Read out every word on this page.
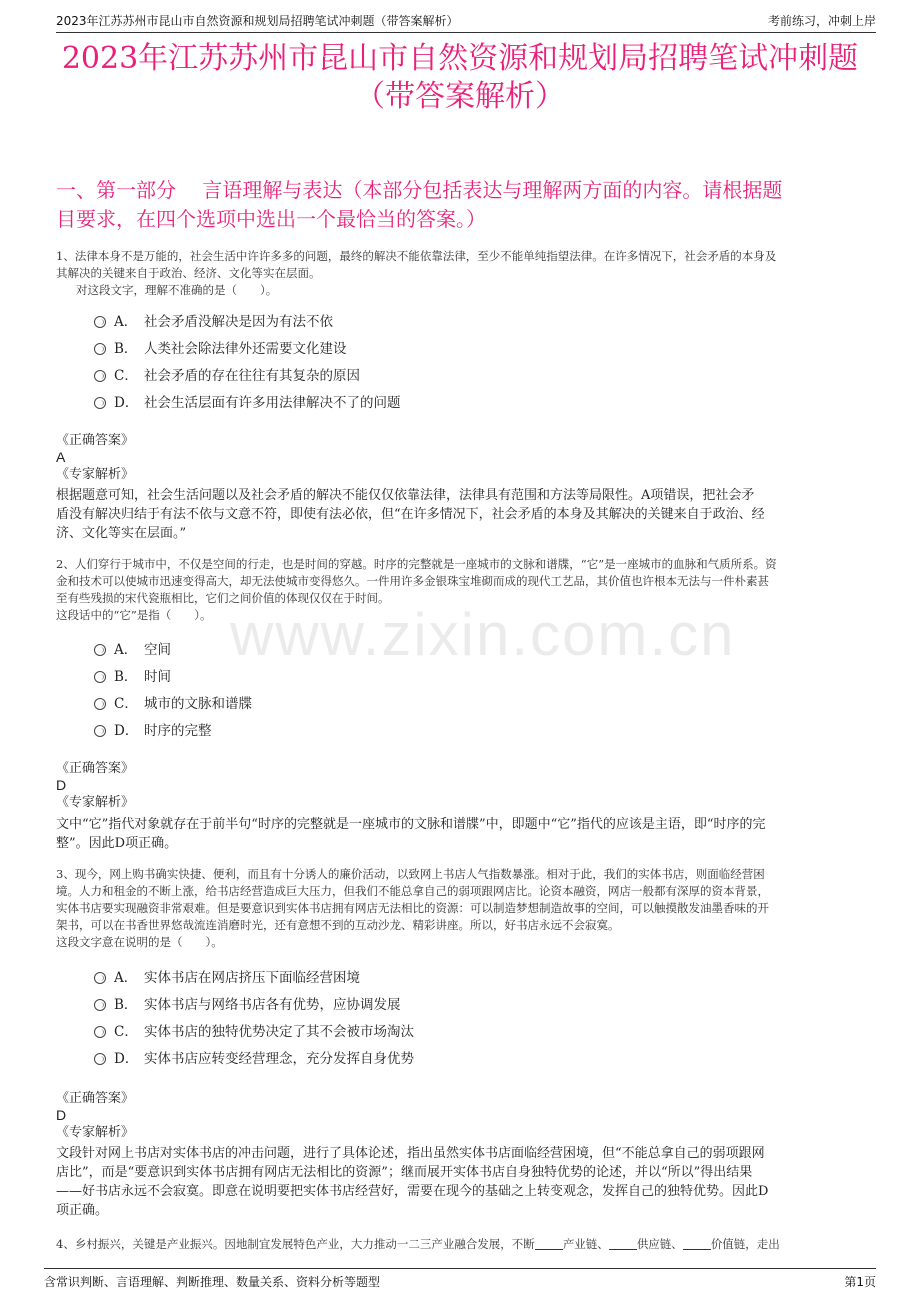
2023年江苏苏州市昆山市自然资源和规划局招聘笔试冲刺题（带答案解析）	考前练习，冲刺上岸
2023年江苏苏州市昆山市自然资源和规划局招聘笔试冲刺题
（带答案解析）
一、第一部分　 言语理解与表达（本部分包括表达与理解两方面的内容。请根据题
目要求，在四个选项中选出一个最恰当的答案。）
www.zixin.com.cn
1、法律本身不是万能的，社会生活中许许多多的问题，最终的解决不能依靠法律，至少不能单纯指望法律。在许多情况下，社会矛盾的本身及
其解决的关键来自于政治、经济、文化等实在层面。
对这段文字，理解不准确的是（　　）。
A． 社会矛盾没解决是因为有法不依
B． 人类社会除法律外还需要文化建设
C． 社会矛盾的存在往往有其复杂的原因
D． 社会生活层面有许多用法律解决不了的问题
《正确答案》
A
《专家解析》
根据题意可知，社会生活问题以及社会矛盾的解决不能仅仅依靠法律，法律具有范围和方法等局限性。A项错误，把社会矛
盾没有解决归结于有法不依与文意不符，即使有法必依，但“在许多情况下，社会矛盾的本身及其解决的关键来自于政治、经
济、文化等实在层面。”
2、人们穿行于城市中，不仅是空间的行走，也是时间的穿越。时序的完整就是一座城市的文脉和谱牒，“它”是一座城市的血脉和气质所系。资
金和技术可以使城市迅速变得高大，却无法使城市变得悠久。一件用许多金银珠宝堆砌而成的现代工艺品，其价值也许根本无法与一件朴素甚
至有些残损的宋代瓷瓶相比，它们之间价值的体现仅仅在于时间。
这段话中的“它”是指（　　）。
A． 空间
B． 时间
C． 城市的文脉和谱牒
D． 时序的完整
《正确答案》
D
《专家解析》
文中“它”指代对象就存在于前半句“时序的完整就是一座城市的文脉和谱牒”中，即题中“它”指代的应该是主语，即“时序的完
整”。因此D项正确。
3、现今，网上购书确实快捷、便利，而且有十分诱人的廉价活动，以致网上书店人气指数暴涨。相对于此，我们的实体书店，则面临经营困
境。人力和租金的不断上涨，给书店经营造成巨大压力，但我们不能总拿自己的弱项跟网店比。论资本融资，网店一般都有深厚的资本背景，
实体书店要实现融资非常艰难。但是要意识到实体书店拥有网店无法相比的资源：可以制造梦想制造故事的空间，可以触摸散发油墨香味的开
架书，可以在书香世界悠哉流连消磨时光，还有意想不到的互动沙龙、精彩讲座。所以，好书店永远不会寂寞。
这段文字意在说明的是（　　）。
A． 实体书店在网店挤压下面临经营困境
B． 实体书店与网络书店各有优势，应协调发展
C． 实体书店的独特优势决定了其不会被市场淘汰
D． 实体书店应转变经营理念，充分发挥自身优势
《正确答案》
D
《专家解析》
文段针对网上书店对实体书店的冲击问题，进行了具体论述，指出虽然实体书店面临经营困境，但“不能总拿自己的弱项跟网
店比”，而是“要意识到实体书店拥有网店无法相比的资源”；继而展开实体书店自身独特优势的论述，并以“所以”得出结果
——好书店永远不会寂寞。即意在说明要把实体书店经营好，需要在现今的基础之上转变观念，发挥自己的独特优势。因此D
项正确。
4、乡村振兴，关键是产业振兴。因地制宜发展特色产业，大力推动一二三产业融合发展，不断 产业链、 供应链、 价值链，走出
含常识判断、言语理解、判断推理、数量关系、资料分析等题型	第1页
